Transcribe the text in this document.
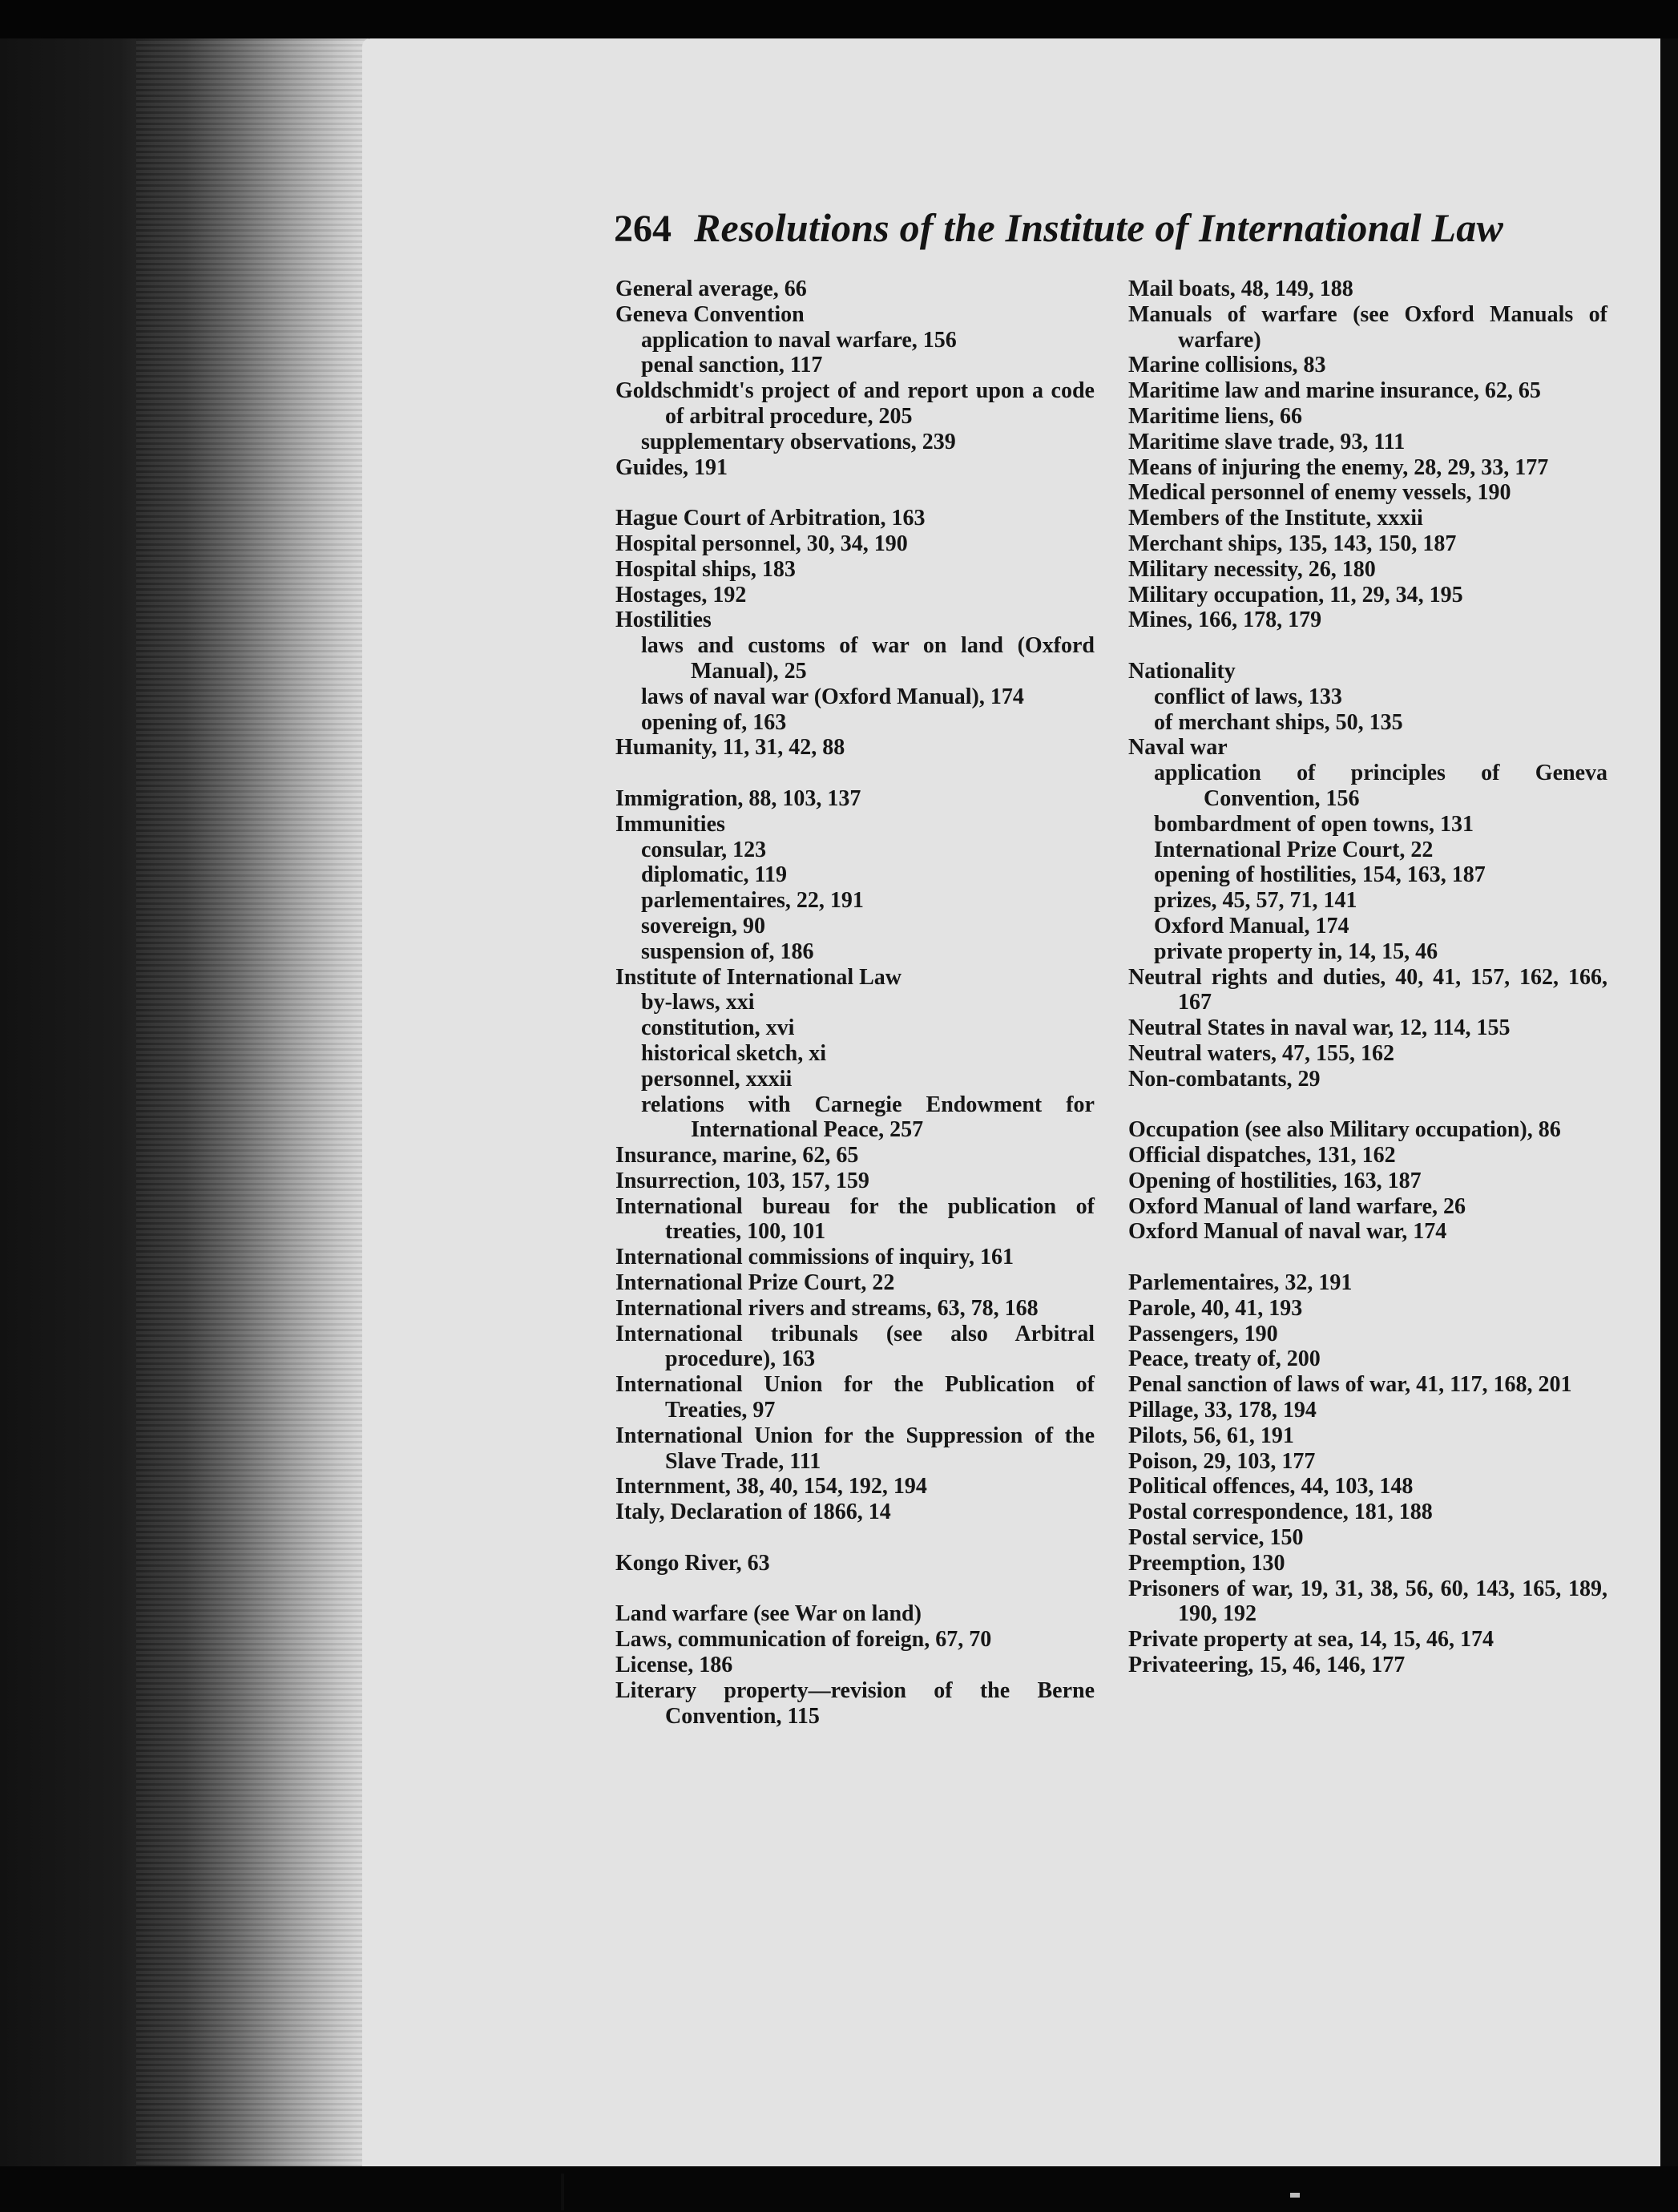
264 Resolutions of the Institute of International Law
General average, 66
Geneva Convention
application to naval warfare, 156
penal sanction, 117
Goldschmidt's project of and report upon a code of arbitral procedure, 205
supplementary observations, 239
Guides, 191
Hague Court of Arbitration, 163
Hospital personnel, 30, 34, 190
Hospital ships, 183
Hostages, 192
Hostilities
laws and customs of war on land (Oxford Manual), 25
laws of naval war (Oxford Manual), 174
opening of, 163
Humanity, 11, 31, 42, 88
Immigration, 88, 103, 137
Immunities
consular, 123
diplomatic, 119
parlementaires, 22, 191
sovereign, 90
suspension of, 186
Institute of International Law
by-laws, xxi
constitution, xvi
historical sketch, xi
personnel, xxxii
relations with Carnegie Endowment for International Peace, 257
Insurance, marine, 62, 65
Insurrection, 103, 157, 159
International bureau for the publication of treaties, 100, 101
International commissions of inquiry, 161
International Prize Court, 22
International rivers and streams, 63, 78, 168
International tribunals (see also Arbitral procedure), 163
International Union for the Publication of Treaties, 97
International Union for the Suppression of the Slave Trade, 111
Internment, 38, 40, 154, 192, 194
Italy, Declaration of 1866, 14
Kongo River, 63
Land warfare (see War on land)
Laws, communication of foreign, 67, 70
License, 186
Literary property—revision of the Berne Convention, 115
Mail boats, 48, 149, 188
Manuals of warfare (see Oxford Manuals of warfare)
Marine collisions, 83
Maritime law and marine insurance, 62, 65
Maritime liens, 66
Maritime slave trade, 93, 111
Means of injuring the enemy, 28, 29, 33, 177
Medical personnel of enemy vessels, 190
Members of the Institute, xxxii
Merchant ships, 135, 143, 150, 187
Military necessity, 26, 180
Military occupation, 11, 29, 34, 195
Mines, 166, 178, 179
Nationality
conflict of laws, 133
of merchant ships, 50, 135
Naval war
application of principles of Geneva Convention, 156
bombardment of open towns, 131
International Prize Court, 22
opening of hostilities, 154, 163, 187
prizes, 45, 57, 71, 141
Oxford Manual, 174
private property in, 14, 15, 46
Neutral rights and duties, 40, 41, 157, 162, 166, 167
Neutral States in naval war, 12, 114, 155
Neutral waters, 47, 155, 162
Non-combatants, 29
Occupation (see also Military occupation), 86
Official dispatches, 131, 162
Opening of hostilities, 163, 187
Oxford Manual of land warfare, 26
Oxford Manual of naval war, 174
Parlementaires, 32, 191
Parole, 40, 41, 193
Passengers, 190
Peace, treaty of, 200
Penal sanction of laws of war, 41, 117, 168, 201
Pillage, 33, 178, 194
Pilots, 56, 61, 191
Poison, 29, 103, 177
Political offences, 44, 103, 148
Postal correspondence, 181, 188
Postal service, 150
Preemption, 130
Prisoners of war, 19, 31, 38, 56, 60, 143, 165, 189, 190, 192
Private property at sea, 14, 15, 46, 174
Privateering, 15, 46, 146, 177
